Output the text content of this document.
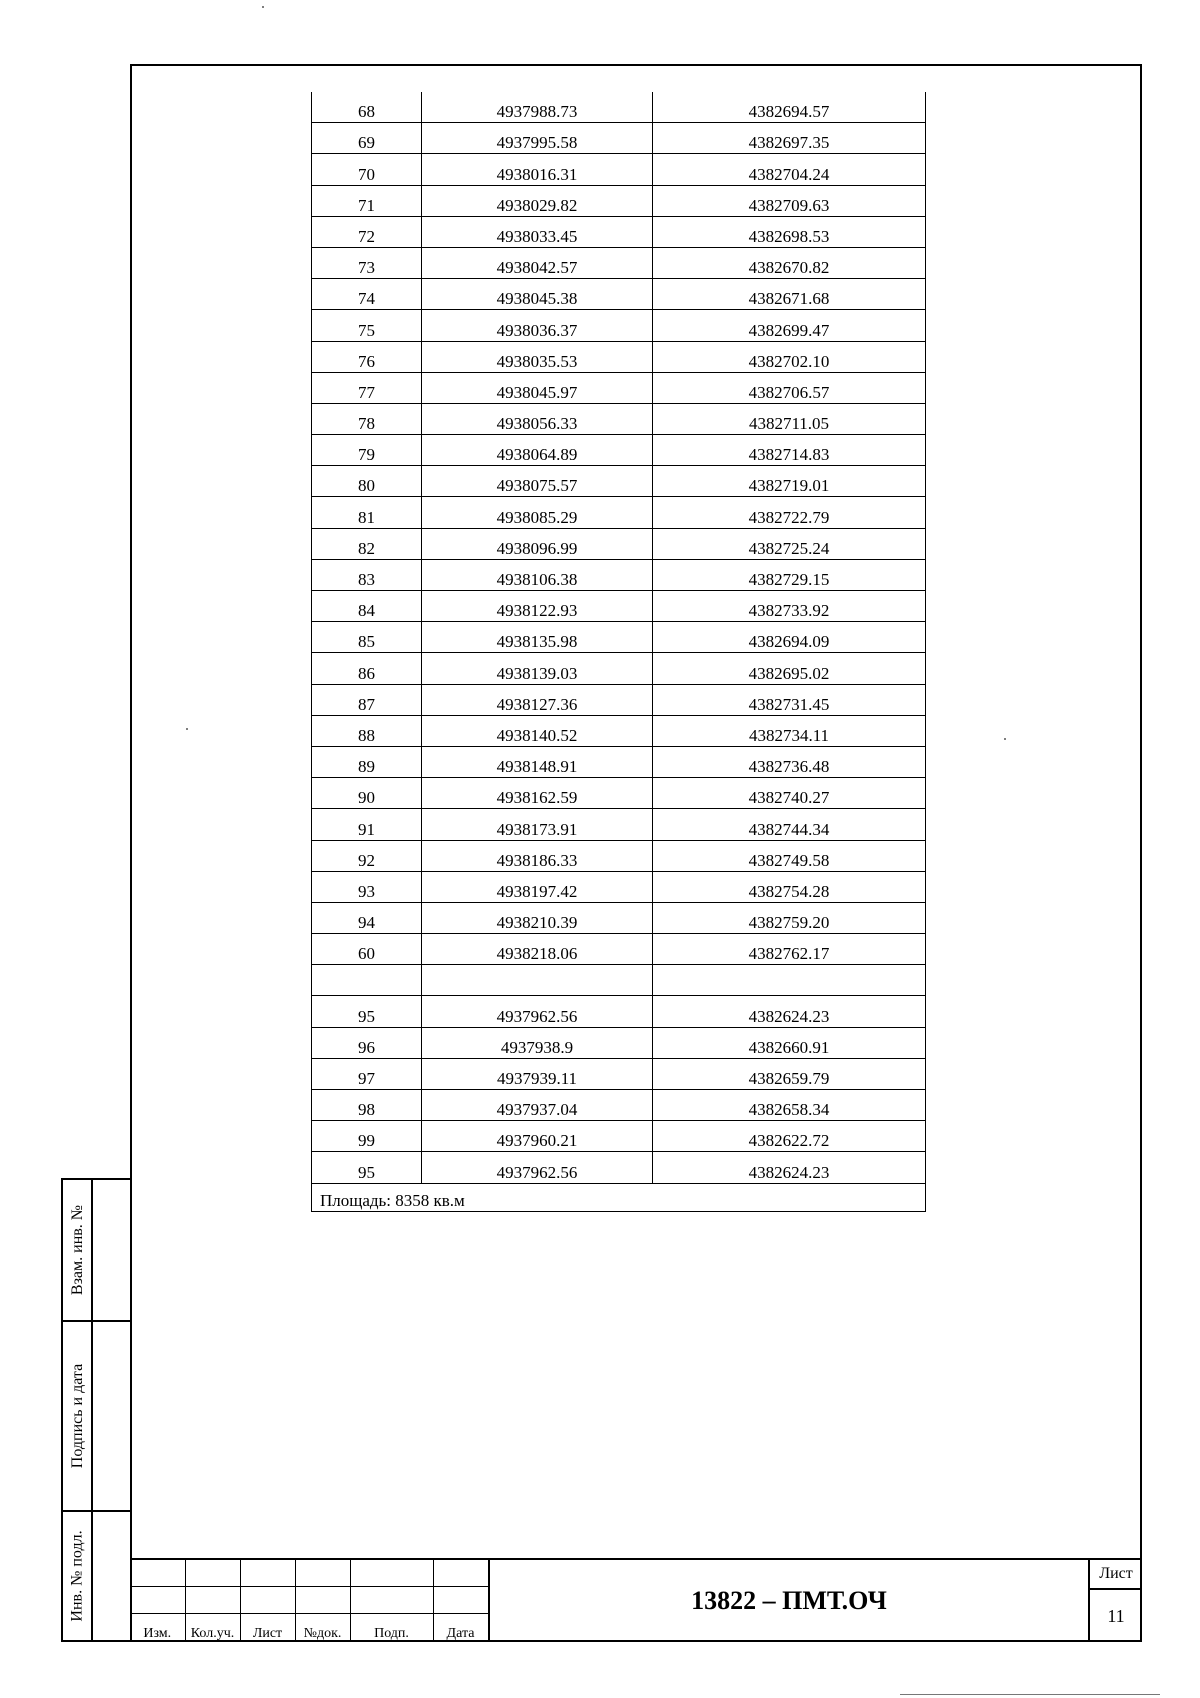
68	4937988.73	4382694.57
69	4937995.58	4382697.35
70	4938016.31	4382704.24
71	4938029.82	4382709.63
72	4938033.45	4382698.53
73	4938042.57	4382670.82
74	4938045.38	4382671.68
75	4938036.37	4382699.47
76	4938035.53	4382702.10
77	4938045.97	4382706.57
78	4938056.33	4382711.05
79	4938064.89	4382714.83
80	4938075.57	4382719.01
81	4938085.29	4382722.79
82	4938096.99	4382725.24
83	4938106.38	4382729.15
84	4938122.93	4382733.92
85	4938135.98	4382694.09
86	4938139.03	4382695.02
87	4938127.36	4382731.45
88	4938140.52	4382734.11
89	4938148.91	4382736.48
90	4938162.59	4382740.27
91	4938173.91	4382744.34
92	4938186.33	4382749.58
93	4938197.42	4382754.28
94	4938210.39	4382759.20
60	4938218.06	4382762.17

95	4937962.56	4382624.23
96	4937938.9	4382660.91
97	4937939.11	4382659.79
98	4937937.04	4382658.34
99	4937960.21	4382622.72
95	4937962.56	4382624.23
Площадь: 8358 кв.м		
Взам. инв. №
Подпись и дата
Инв. № подл.

Изм.	Кол.уч.	Лист	№док.	Подп.	Дата
13822 – ПМТ.ОЧ
Лист
11
